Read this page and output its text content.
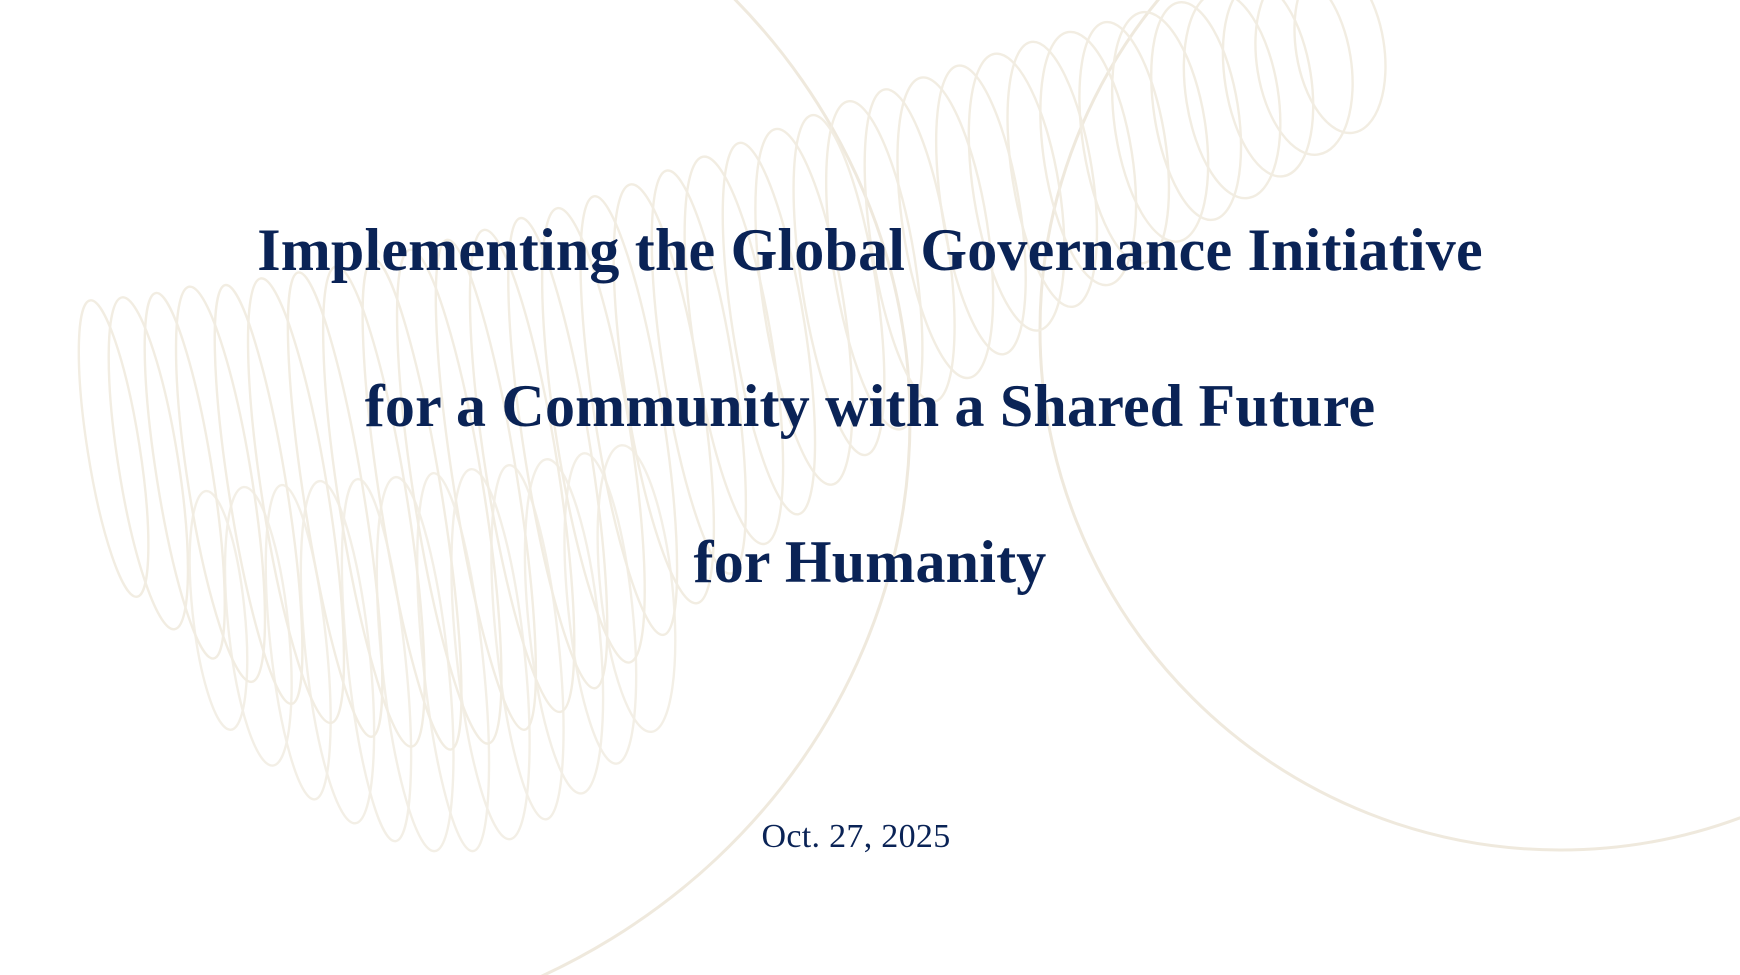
Implementing the Global Governance Initiative
for a Community with a Shared Future
for Humanity
Oct. 27, 2025
